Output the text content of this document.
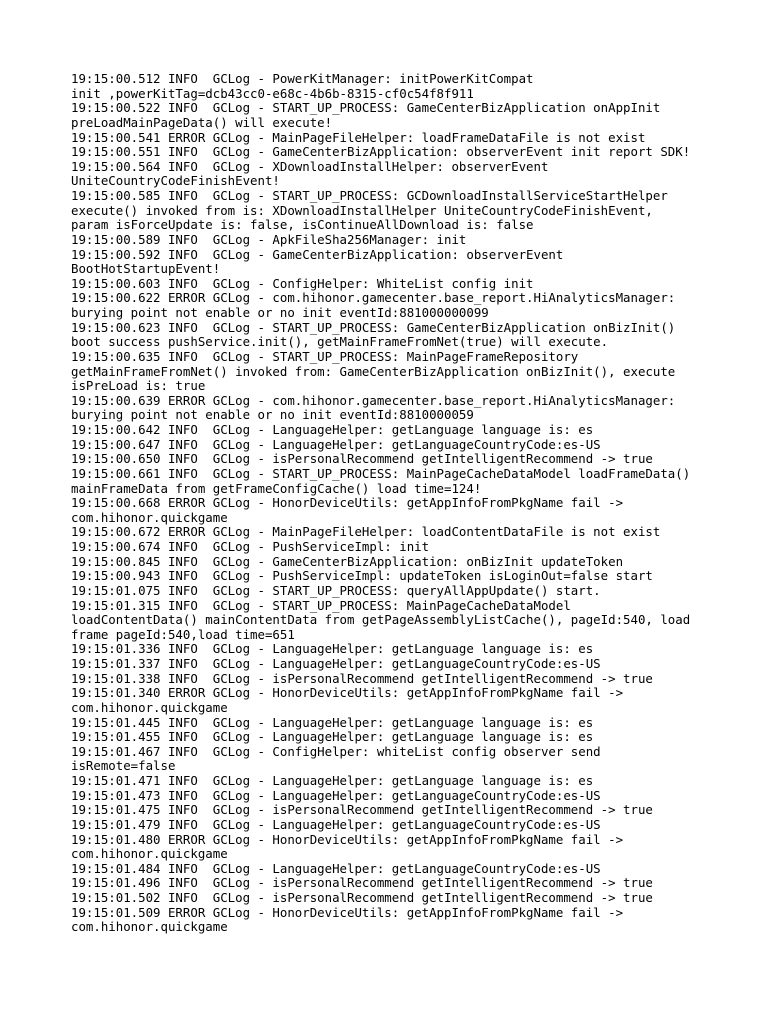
19:15:00.512 INFO  GCLog - PowerKitManager: initPowerKitCompat
init ,powerKitTag=dcb43cc0-e68c-4b6b-8315-cf0c54f8f911
19:15:00.522 INFO  GCLog - START_UP_PROCESS: GameCenterBizApplication onAppInit
preLoadMainPageData() will execute!
19:15:00.541 ERROR GCLog - MainPageFileHelper: loadFrameDataFile is not exist
19:15:00.551 INFO  GCLog - GameCenterBizApplication: observerEvent init report SDK!
19:15:00.564 INFO  GCLog - XDownloadInstallHelper: observerEvent
UniteCountryCodeFinishEvent!
19:15:00.585 INFO  GCLog - START_UP_PROCESS: GCDownloadInstallServiceStartHelper
execute() invoked from is: XDownloadInstallHelper UniteCountryCodeFinishEvent,
param isForceUpdate is: false, isContinueAllDownload is: false
19:15:00.589 INFO  GCLog - ApkFileSha256Manager: init
19:15:00.592 INFO  GCLog - GameCenterBizApplication: observerEvent
BootHotStartupEvent!
19:15:00.603 INFO  GCLog - ConfigHelper: WhiteList config init
19:15:00.622 ERROR GCLog - com.hihonor.gamecenter.base_report.HiAnalyticsManager:
burying point not enable or no init eventId:881000000099
19:15:00.623 INFO  GCLog - START_UP_PROCESS: GameCenterBizApplication onBizInit()
boot success pushService.init(), getMainFrameFromNet(true) will execute.
19:15:00.635 INFO  GCLog - START_UP_PROCESS: MainPageFrameRepository
getMainFrameFromNet() invoked from: GameCenterBizApplication onBizInit(), execute
isPreLoad is: true
19:15:00.639 ERROR GCLog - com.hihonor.gamecenter.base_report.HiAnalyticsManager:
burying point not enable or no init eventId:8810000059
19:15:00.642 INFO  GCLog - LanguageHelper: getLanguage language is: es
19:15:00.647 INFO  GCLog - LanguageHelper: getLanguageCountryCode:es-US
19:15:00.650 INFO  GCLog - isPersonalRecommend getIntelligentRecommend -> true
19:15:00.661 INFO  GCLog - START_UP_PROCESS: MainPageCacheDataModel loadFrameData()
mainFrameData from getFrameConfigCache() load time=124!
19:15:00.668 ERROR GCLog - HonorDeviceUtils: getAppInfoFromPkgName fail ->
com.hihonor.quickgame
19:15:00.672 ERROR GCLog - MainPageFileHelper: loadContentDataFile is not exist
19:15:00.674 INFO  GCLog - PushServiceImpl: init
19:15:00.845 INFO  GCLog - GameCenterBizApplication: onBizInit updateToken
19:15:00.943 INFO  GCLog - PushServiceImpl: updateToken isLoginOut=false start
19:15:01.075 INFO  GCLog - START_UP_PROCESS: queryAllAppUpdate() start.
19:15:01.315 INFO  GCLog - START_UP_PROCESS: MainPageCacheDataModel
loadContentData() mainContentData from getPageAssemblyListCache(), pageId:540, load
frame pageId:540,load time=651
19:15:01.336 INFO  GCLog - LanguageHelper: getLanguage language is: es
19:15:01.337 INFO  GCLog - LanguageHelper: getLanguageCountryCode:es-US
19:15:01.338 INFO  GCLog - isPersonalRecommend getIntelligentRecommend -> true
19:15:01.340 ERROR GCLog - HonorDeviceUtils: getAppInfoFromPkgName fail ->
com.hihonor.quickgame
19:15:01.445 INFO  GCLog - LanguageHelper: getLanguage language is: es
19:15:01.455 INFO  GCLog - LanguageHelper: getLanguage language is: es
19:15:01.467 INFO  GCLog - ConfigHelper: whiteList config observer send
isRemote=false
19:15:01.471 INFO  GCLog - LanguageHelper: getLanguage language is: es
19:15:01.473 INFO  GCLog - LanguageHelper: getLanguageCountryCode:es-US
19:15:01.475 INFO  GCLog - isPersonalRecommend getIntelligentRecommend -> true
19:15:01.479 INFO  GCLog - LanguageHelper: getLanguageCountryCode:es-US
19:15:01.480 ERROR GCLog - HonorDeviceUtils: getAppInfoFromPkgName fail ->
com.hihonor.quickgame
19:15:01.484 INFO  GCLog - LanguageHelper: getLanguageCountryCode:es-US
19:15:01.496 INFO  GCLog - isPersonalRecommend getIntelligentRecommend -> true
19:15:01.502 INFO  GCLog - isPersonalRecommend getIntelligentRecommend -> true
19:15:01.509 ERROR GCLog - HonorDeviceUtils: getAppInfoFromPkgName fail ->
com.hihonor.quickgame
